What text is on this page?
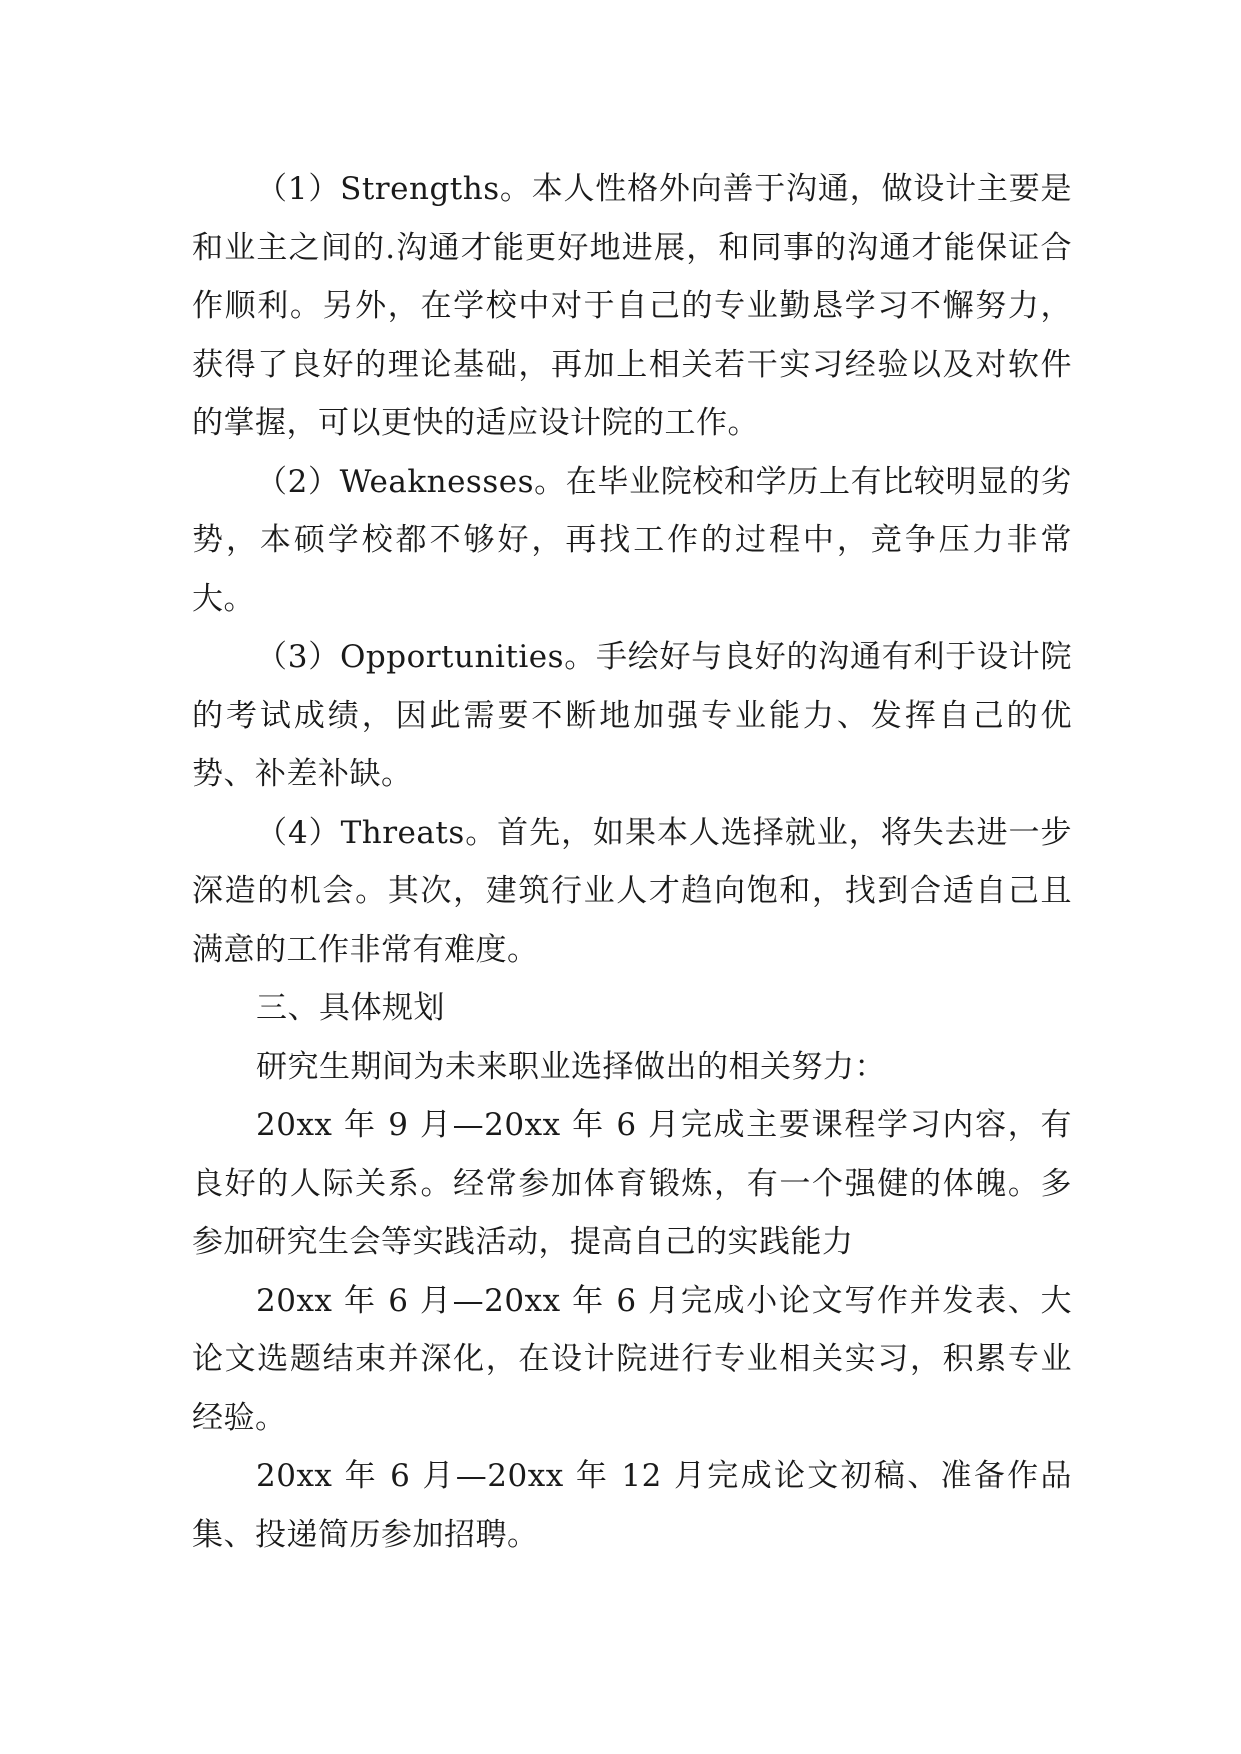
（1）Strengths。本人性格外向善于沟通，做设计主要是和业主之间的.沟通才能更好地进展，和同事的沟通才能保证合作顺利。另外，在学校中对于自己的专业勤恳学习不懈努力，获得了良好的理论基础，再加上相关若干实习经验以及对软件的掌握，可以更快的适应设计院的工作。

（2）Weaknesses。在毕业院校和学历上有比较明显的劣势，本硕学校都不够好，再找工作的过程中，竞争压力非常大。

（3）Opportunities。手绘好与良好的沟通有利于设计院的考试成绩，因此需要不断地加强专业能力、发挥自己的优势、补差补缺。

（4）Threats。首先，如果本人选择就业，将失去进一步深造的机会。其次，建筑行业人才趋向饱和，找到合适自己且满意的工作非常有难度。

三、具体规划

研究生期间为未来职业选择做出的相关努力：

20xx 年 9 月—20xx 年 6 月完成主要课程学习内容，有良好的人际关系。经常参加体育锻炼，有一个强健的体魄。多参加研究生会等实践活动，提高自己的实践能力

20xx 年 6 月—20xx 年 6 月完成小论文写作并发表、大论文选题结束并深化，在设计院进行专业相关实习，积累专业经验。

20xx 年 6 月—20xx 年 12 月完成论文初稿、准备作品集、投递简历参加招聘。
